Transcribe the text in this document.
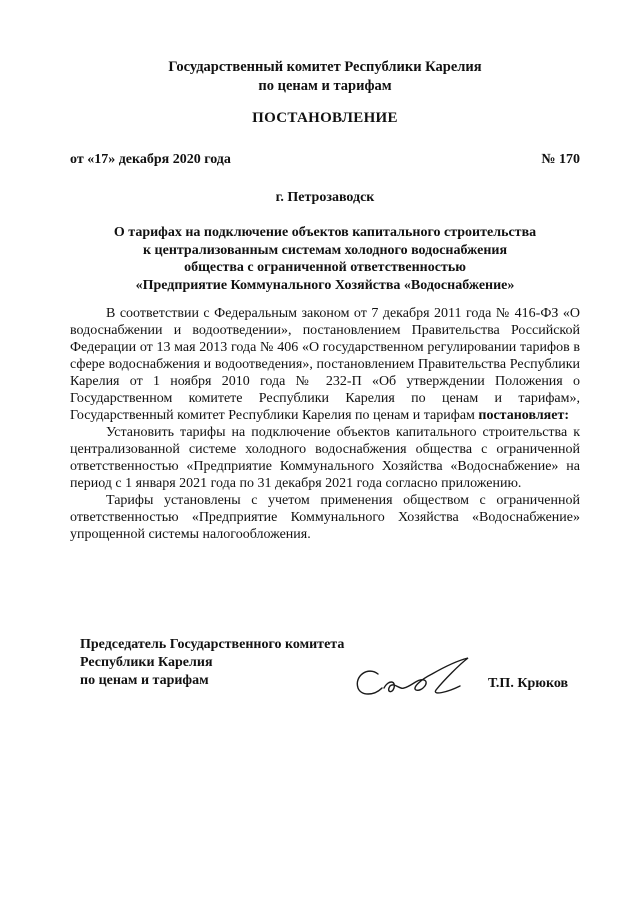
Государственный комитет Республики Карелия
по ценам и тарифам
ПОСТАНОВЛЕНИЕ
от «17» декабря 2020 года	№ 170
г. Петрозаводск
О тарифах на подключение объектов капитального строительства
к централизованным системам холодного водоснабжения
общества с ограниченной ответственностью
«Предприятие Коммунального Хозяйства «Водоснабжение»

В соответствии с Федеральным законом от 7 декабря 2011 года № 416-ФЗ «О водоснабжении и водоотведении», постановлением Правительства Российской Федерации от 13 мая 2013 года № 406 «О государственном регулировании тарифов в сфере водоснабжения и водоотведения», постановлением Правительства Республики Карелия от 1 ноября 2010 года № 232-П «Об утверждении Положения о Государственном комитете Республики Карелия по ценам и тарифам», Государственный комитет Республики Карелия по ценам и тарифам постановляет:

Установить тарифы на подключение объектов капитального строительства к централизованной системе холодного водоснабжения общества с ограниченной ответственностью «Предприятие Коммунального Хозяйства «Водоснабжение» на период с 1 января 2021 года по 31 декабря 2021 года согласно приложению.

Тарифы установлены с учетом применения обществом с ограниченной ответственностью «Предприятие Коммунального Хозяйства «Водоснабжение» упрощенной системы налогообложения.

Председатель Государственного комитета
Республики Карелия
по ценам и тарифам	Т.П. Крюков
